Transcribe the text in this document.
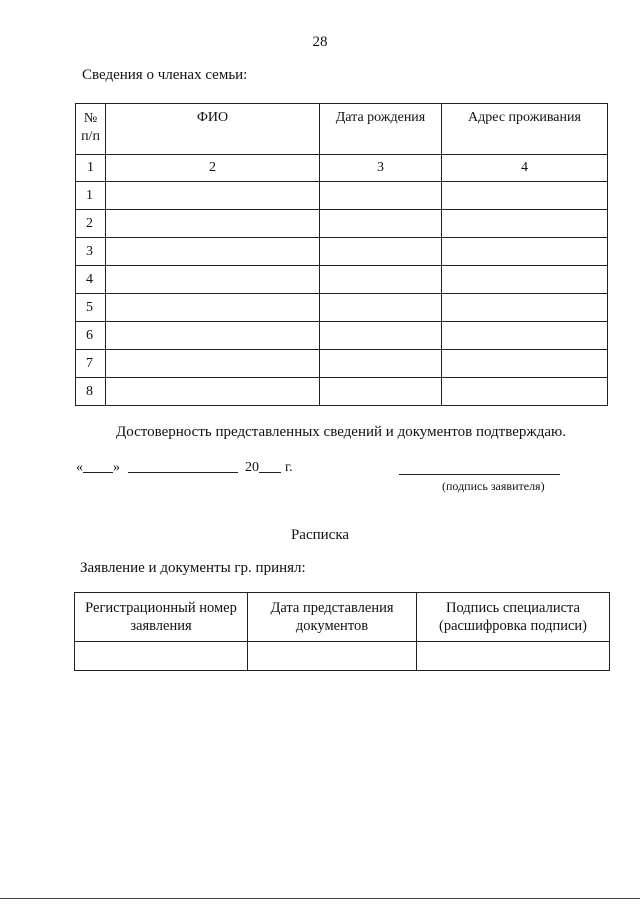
28
Сведения о членах семьи:
№
п/п	ФИО	Дата рождения	Адрес проживания
1	2	3	4
1			
2			
3			
4			
5			
6			
7			
8			
Достоверность представленных сведений и документов подтверждаю.
« »	20 г.
(подпись заявителя)
Расписка
Заявление и документы гр. принял:
Регистрационный номер заявления	Дата представления документов	Подпись специалиста (расшифровка подписи)
